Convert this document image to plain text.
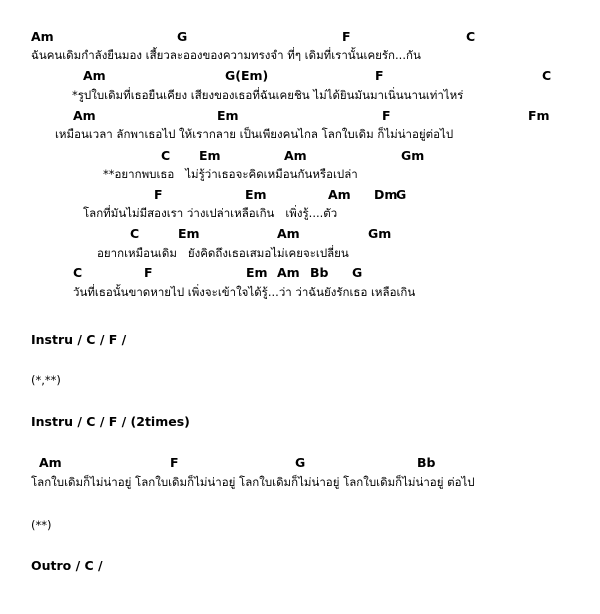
Am	G	F	C
ฉันคนเดิมกำลังยืนมอง เสี้ยวละอองของความทรงจำ ที่ๆ เดิมที่เรานั้นเคยรัก...กัน
Am	G(Em)	F	C
*รูปใบเดิมที่เธอยืนเคียง เสียงของเธอที่ฉันเคยชิน ไม่ได้ยินมันมาเนิ่นนานเท่าไหร่
Am	Em	F	Fm
เหมือนเวลา ลักพาเธอไป ให้เรากลาย เป็นเพียงคนไกล โลกใบเดิม ก็ไม่น่าอยู่ต่อไป
C Em	Am	Gm
**อยากพบเธอ   ไม่รู้ว่าเธอจะคิดเหมือนกันหรือเปล่า
F	Em	Am Dm
G
โลกที่มันไม่มีสองเรา ว่างเปล่าเหลือเกิน   เพิ่งรู้....ตัว
C	Em	Am	Gm
อยากเหมือนเดิม   ยังคิดถึงเธอเสมอไม่เคยจะเปลี่ยน
C	F	Em Am Bb G
วันที่เธอนั้นขาดหายไป เพิ่งจะเข้าใจได้รู้...ว่า ว่าฉันยังรักเธอ เหลือเกิน
Instru / C / F /
(*,**)
Instru / C / F / (2times)
Am	F	G	Bb
โลกใบเดิมก็ไม่น่าอยู่ โลกใบเดิมก็ไม่น่าอยู่ โลกใบเดิมก็ไม่น่าอยู่ โลกใบเดิมก็ไม่น่าอยู่ ต่อไป
(**)
Outro / C /
